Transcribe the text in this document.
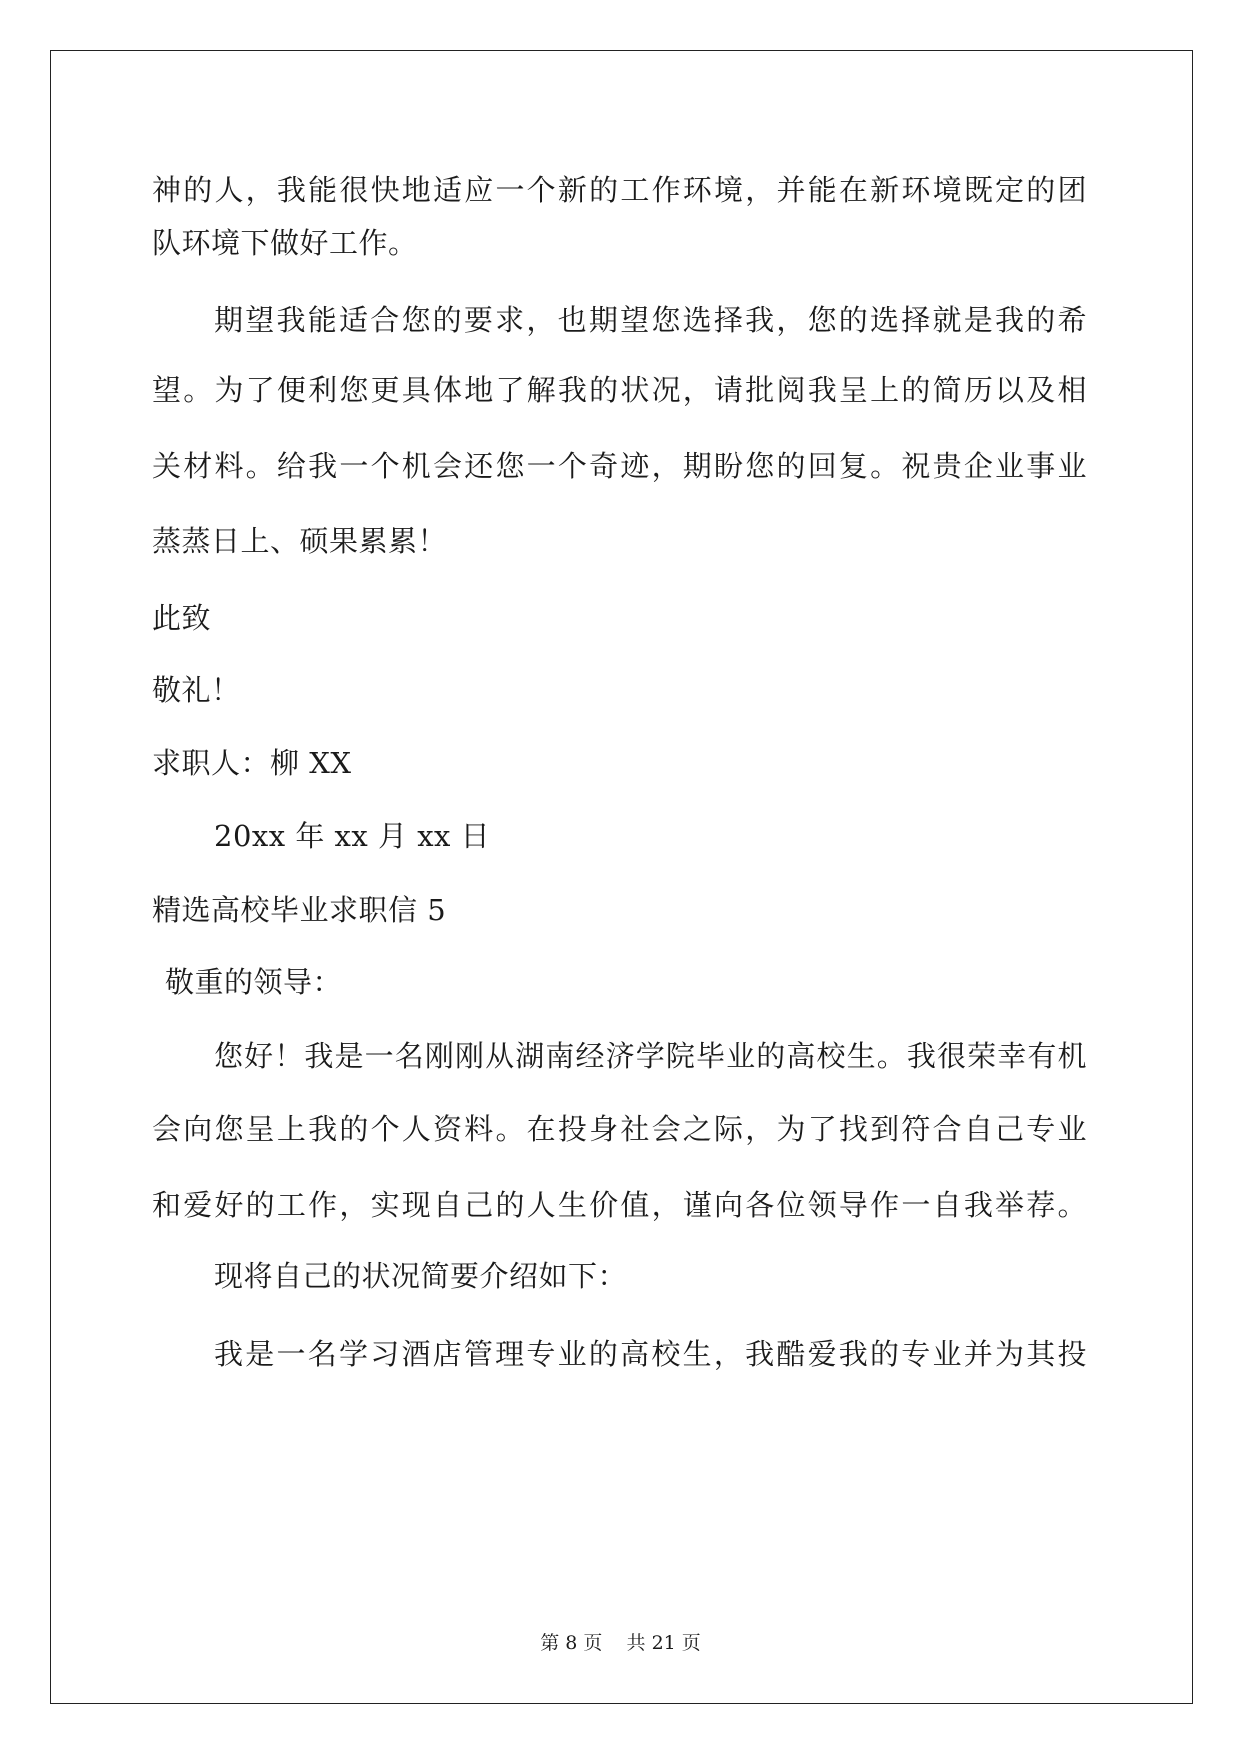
神的人，我能很快地适应一个新的工作环境，并能在新环境既定的团
队环境下做好工作。
期望我能适合您的要求，也期望您选择我，您的选择就是我的希
望。为了便利您更具体地了解我的状况，请批阅我呈上的简历以及相
关材料。给我一个机会还您一个奇迹，期盼您的回复。祝贵企业事业
蒸蒸日上、硕果累累！
此致
敬礼！
求职人：柳 XX
20xx 年 xx 月 xx 日
精选高校毕业求职信 5
敬重的领导：
您好！我是一名刚刚从湖南经济学院毕业的高校生。我很荣幸有机
会向您呈上我的个人资料。在投身社会之际，为了找到符合自己专业
和爱好的工作，实现自己的人生价值，谨向各位领导作一自我举荐。
现将自己的状况简要介绍如下：
我是一名学习酒店管理专业的高校生，我酷爱我的专业并为其投
第 8 页    共 21 页
